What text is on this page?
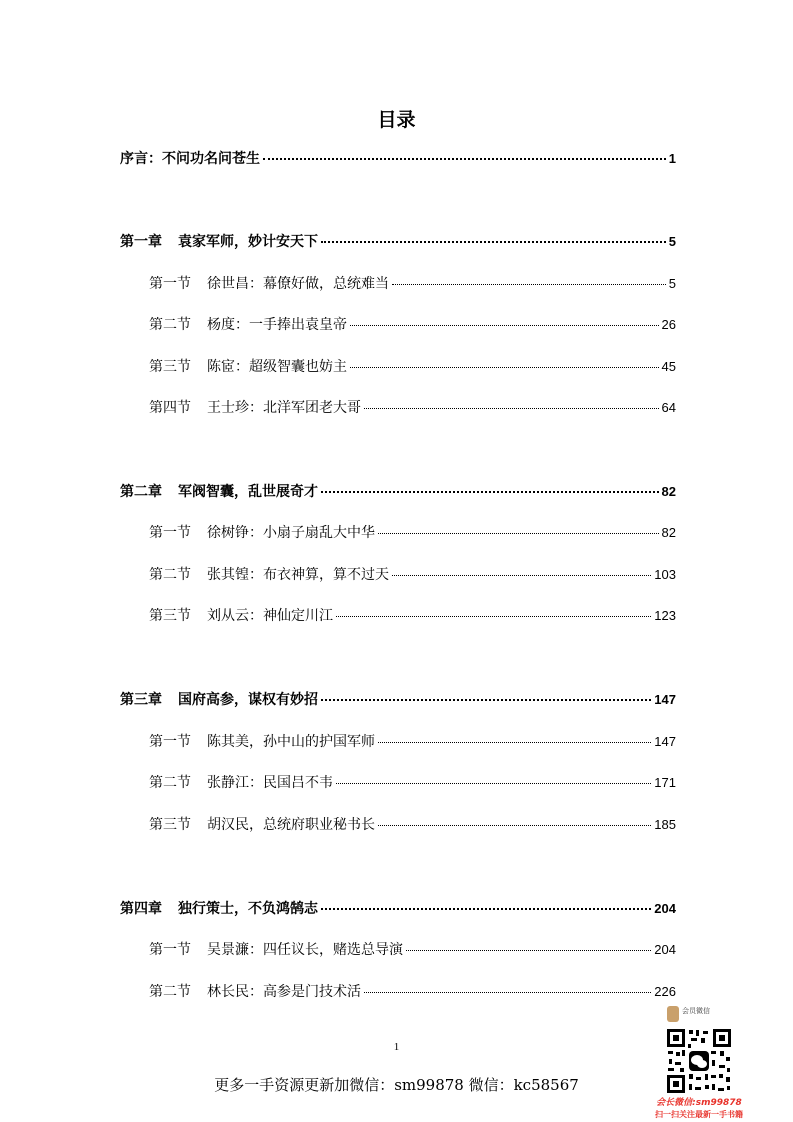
目录
序言：不问功名问苍生	1
第一章 袁家军师，妙计安天下	5
第一节 徐世昌：幕僚好做，总统难当	5
第二节 杨度：一手捧出袁皇帝	26
第三节 陈宧：超级智囊也妨主	45
第四节 王士珍：北洋军团老大哥	64
第二章 军阀智囊，乱世展奇才	82
第一节 徐树铮：小扇子扇乱大中华	82
第二节 张其锽：布衣神算，算不过天	103
第三节 刘从云：神仙定川江	123
第三章 国府高参，谋权有妙招	147
第一节 陈其美，孙中山的护国军师	147
第二节 张静江：民国吕不韦	171
第三节 胡汉民，总统府职业秘书长	185
第四章 独行策士，不负鸿鹄志	204
第一节 吴景濂：四任议长，赌选总导演	204
第二节 林长民：高参是门技术活	226
1
更多一手资源更新加微信：sm99878 微信：kc58567
会员微信
会长微信:sm99878
扫一扫关注最新一手书籍
